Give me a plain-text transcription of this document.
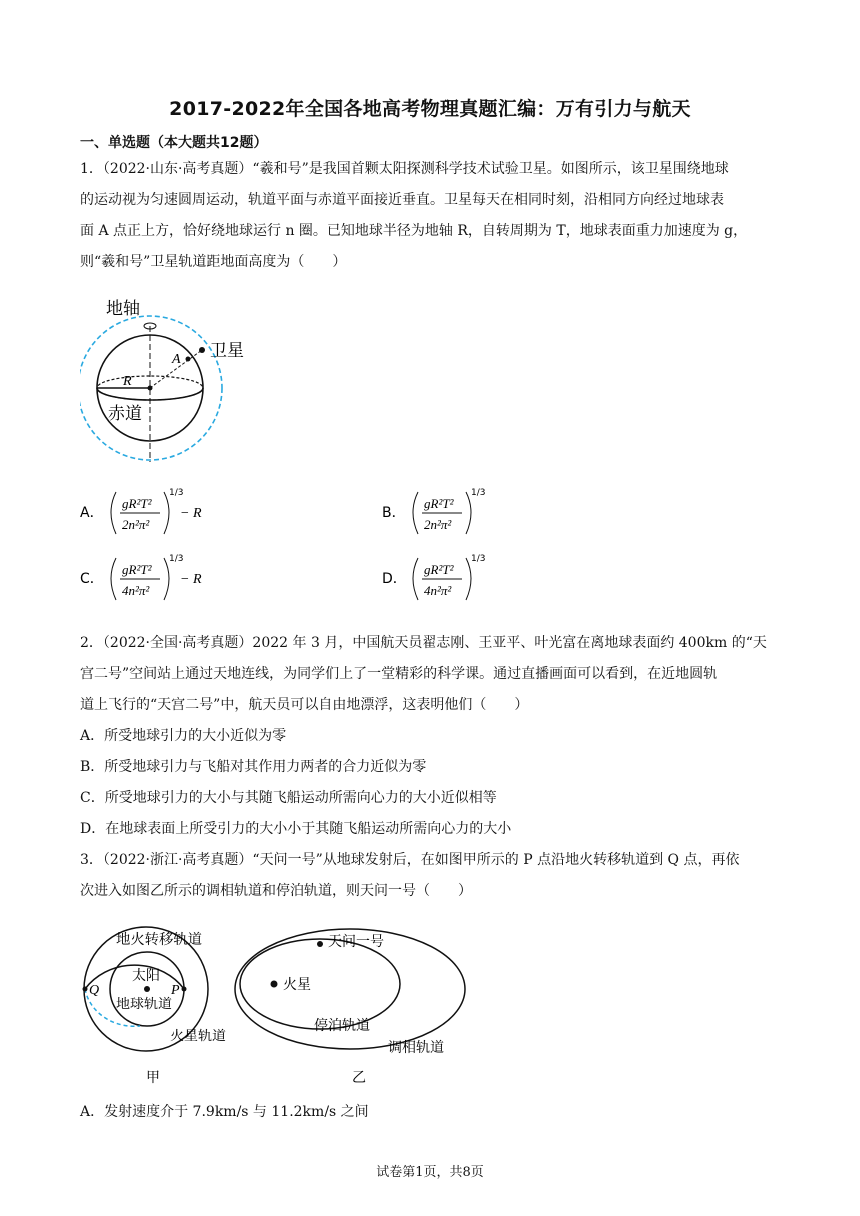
2017-2022年全国各地高考物理真题汇编：万有引力与航天
一、单选题（本大题共12题）
1．（2022·山东·高考真题）“羲和号”是我国首颗太阳探测科学技术试验卫星。如图所示，该卫星围绕地球
的运动视为匀速圆周运动，轨道平面与赤道平面接近垂直。卫星每天在相同时刻，沿相同方向经过地球表
面 A 点正上方，恰好绕地球运行 n 圈。已知地球半径为地轴 R，自转周期为 T，地球表面重力加速度为 g，
则“羲和号”卫星轨道距地面高度为（　　）
地轴
卫星
A
R
赤道
A．
gR²T²
2n²π²
1/3
− R	B．
gR²T²
2n²π²
1/3
C．
gR²T²
4n²π²
1/3
− R	D．
gR²T²
4n²π²
1/3
2．（2022·全国·高考真题）2022 年 3 月，中国航天员翟志刚、王亚平、叶光富在离地球表面约 400km 的“天
宫二号”空间站上通过天地连线，为同学们上了一堂精彩的科学课。通过直播画面可以看到，在近地圆轨
道上飞行的“天宫二号”中，航天员可以自由地漂浮，这表明他们（　　）
A．所受地球引力的大小近似为零
B．所受地球引力与飞船对其作用力两者的合力近似为零
C．所受地球引力的大小与其随飞船运动所需向心力的大小近似相等
D．在地球表面上所受引力的大小小于其随飞船运动所需向心力的大小
3．（2022·浙江·高考真题）“天问一号”从地球发射后，在如图甲所示的 P 点沿地火转移轨道到 Q 点，再依
次进入如图乙所示的调相轨道和停泊轨道，则天问一号（　　）
地火转移轨道
太阳
地球轨道
火星轨道
P
Q
甲
天问一号
火星
停泊轨道
调相轨道
乙
A．发射速度介于 7.9km/s 与 11.2km/s 之间
试卷第1页，共8页
